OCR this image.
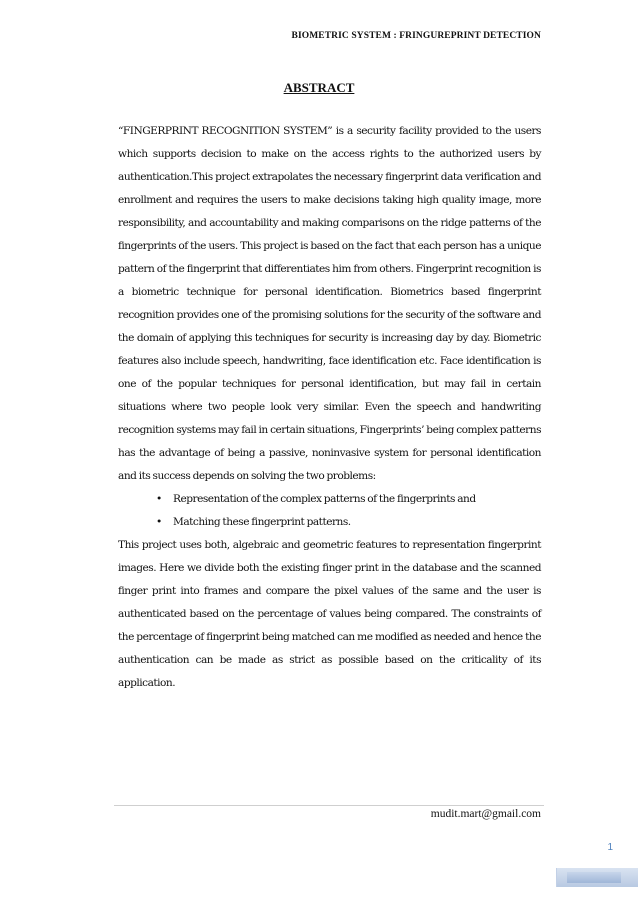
BIOMETRIC SYSTEM : FRINGUREPRINT DETECTION
ABSTRACT

“FINGERPRINT RECOGNITION SYSTEM” is a security facility provided to the users which supports decision to make on the access rights to the authorized users by authentication.This project extrapolates the necessary fingerprint data verification and enrollment and requires the users to make decisions taking high quality image, more responsibility, and accountability and making comparisons on the ridge patterns of the fingerprints of the users. This project is based on the fact that each person has a unique pattern of the fingerprint that differentiates him from others. Fingerprint recognition is a biometric technique for personal identification. Biometrics based fingerprint recognition provides one of the promising solutions for the security of the software and the domain of applying this techniques for security is increasing day by day. Biometric features also include speech, handwriting, face identification etc. Face identification is one of the popular techniques for personal identification, but may fail in certain situations where two people look very similar. Even the speech and handwriting recognition systems may fail in certain situations, Fingerprints’ being complex patterns has the advantage of being a passive, noninvasive system for personal identification and its success depends on solving the two problems:

• Representation of the complex patterns of the fingerprints and
• Matching these fingerprint patterns.

This project uses both, algebraic and geometric features to representation fingerprint images. Here we divide both the existing finger print in the database and the scanned finger print into frames and compare the pixel values of the same and the user is authenticated based on the percentage of values being compared. The constraints of the percentage of fingerprint being matched can me modified as needed and hence the authentication can be made as strict as possible based on the criticality of its application.

mudit.mart@gmail.com
1
